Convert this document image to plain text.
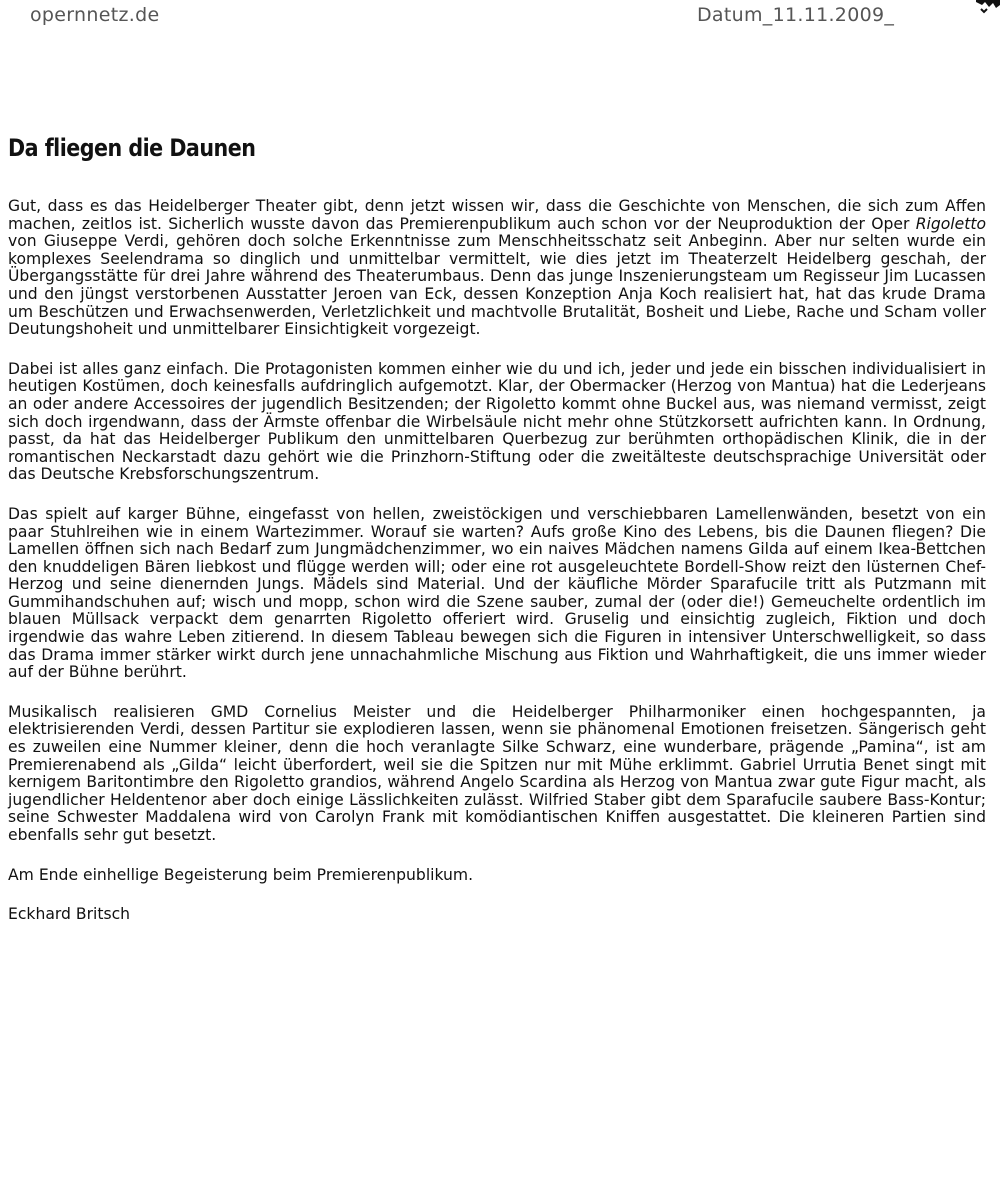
opernnetz.de	Datum_11.11.2009_
Da fliegen die Daunen

Gut, dass es das Heidelberger Theater gibt, denn jetzt wissen wir, dass die Geschichte von Menschen, die sich zum Affen machen, zeitlos ist. Sicherlich wusste davon das Premierenpublikum auch schon vor der Neuproduktion der Oper Rigoletto von Giuseppe Verdi, gehören doch solche Erkenntnisse zum Menschheitsschatz seit Anbeginn. Aber nur selten wurde ein komplexes Seelendrama so dinglich und unmittelbar vermittelt, wie dies jetzt im Theaterzelt Heidelberg geschah, der Übergangsstätte für drei Jahre während des Theaterumbaus. Denn das junge Inszenierungsteam um Regisseur Jim Lucassen und den jüngst verstorbenen Ausstatter Jeroen van Eck, dessen Konzeption Anja Koch realisiert hat, hat das krude Drama um Beschützen und Erwachsenwerden, Verletzlichkeit und machtvolle Brutalität, Bosheit und Liebe, Rache und Scham voller Deutungshoheit und unmittelbarer Einsichtigkeit vorgezeigt.

Dabei ist alles ganz einfach. Die Protagonisten kommen einher wie du und ich, jeder und jede ein bisschen individualisiert in heutigen Kostümen, doch keinesfalls aufdringlich aufgemotzt. Klar, der Obermacker (Herzog von Mantua) hat die Lederjeans an oder andere Accessoires der jugendlich Besitzenden; der Rigoletto kommt ohne Buckel aus, was niemand vermisst, zeigt sich doch irgendwann, dass der Ärmste offenbar die Wirbelsäule nicht mehr ohne Stützkorsett aufrichten kann. In Ordnung, passt, da hat das Heidelberger Publikum den unmittelbaren Querbezug zur berühmten orthopädischen Klinik, die in der romantischen Neckarstadt dazu gehört wie die Prinzhorn-Stiftung oder die zweitälteste deutschsprachige Universität oder das Deutsche Krebsforschungszentrum.

Das spielt auf karger Bühne, eingefasst von hellen, zweistöckigen und verschiebbaren Lamellenwänden, besetzt von ein paar Stuhlreihen wie in einem Wartezimmer. Worauf sie warten? Aufs große Kino des Lebens, bis die Daunen fliegen? Die Lamellen öffnen sich nach Bedarf zum Jungmädchenzimmer, wo ein naives Mädchen namens Gilda auf einem Ikea-Bettchen den knuddeligen Bären liebkost und flügge werden will; oder eine rot ausgeleuchtete Bordell-Show reizt den lüsternen Chef-Herzog und seine dienernden Jungs. Mädels sind Material. Und der käufliche Mörder Sparafucile tritt als Putzmann mit Gummihandschuhen auf; wisch und mopp, schon wird die Szene sauber, zumal der (oder die!) Gemeuchelte ordentlich im blauen Müllsack verpackt dem genarrten Rigoletto offeriert wird. Gruselig und einsichtig zugleich, Fiktion und doch irgendwie das wahre Leben zitierend. In diesem Tableau bewegen sich die Figuren in intensiver Unterschwelligkeit, so dass das Drama immer stärker wirkt durch jene unnachahmliche Mischung aus Fiktion und Wahrhaftigkeit, die uns immer wieder auf der Bühne berührt.

Musikalisch realisieren GMD Cornelius Meister und die Heidelberger Philharmoniker einen hochgespannten, ja elektrisierenden Verdi, dessen Partitur sie explodieren lassen, wenn sie phänomenal Emotionen freisetzen. Sängerisch geht es zuweilen eine Nummer kleiner, denn die hoch veranlagte Silke Schwarz, eine wunderbare, prägende „Pamina“, ist am Premierenabend als „Gilda“ leicht überfordert, weil sie die Spitzen nur mit Mühe erklimmt. Gabriel Urrutia Benet singt mit kernigem Baritontimbre den Rigoletto grandios, während Angelo Scardina als Herzog von Mantua zwar gute Figur macht, als jugendlicher Heldentenor aber doch einige Lässlichkeiten zulässt. Wilfried Staber gibt dem Sparafucile saubere Bass-Kontur; seine Schwester Maddalena wird von Carolyn Frank mit komödiantischen Kniffen ausgestattet. Die kleineren Partien sind ebenfalls sehr gut besetzt.

Am Ende einhellige Begeisterung beim Premierenpublikum.

Eckhard Britsch
